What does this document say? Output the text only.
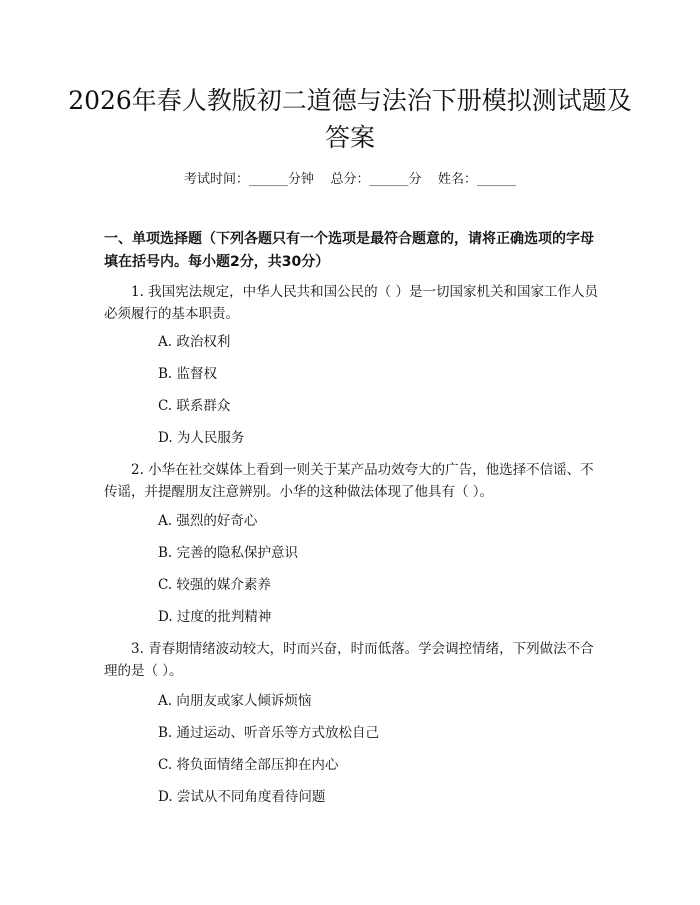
2026年春人教版初二道德与法治下册模拟测试题及答案
考试时间：______分钟    总分：______分    姓名：______
一、单项选择题（下列各题只有一个选项是最符合题意的，请将正确选项的字母填在括号内。每小题2分，共30分）
1. 我国宪法规定，中华人民共和国公民的（ ）是一切国家机关和国家工作人员必须履行的基本职责。
A. 政治权利
B. 监督权
C. 联系群众
D. 为人民服务
2. 小华在社交媒体上看到一则关于某产品功效夸大的广告，他选择不信谣、不传谣，并提醒朋友注意辨别。小华的这种做法体现了他具有（ ）。
A. 强烈的好奇心
B. 完善的隐私保护意识
C. 较强的媒介素养
D. 过度的批判精神
3. 青春期情绪波动较大，时而兴奋，时而低落。学会调控情绪，下列做法不合理的是（ ）。
A. 向朋友或家人倾诉烦恼
B. 通过运动、听音乐等方式放松自己
C. 将负面情绪全部压抑在内心
D. 尝试从不同角度看待问题
